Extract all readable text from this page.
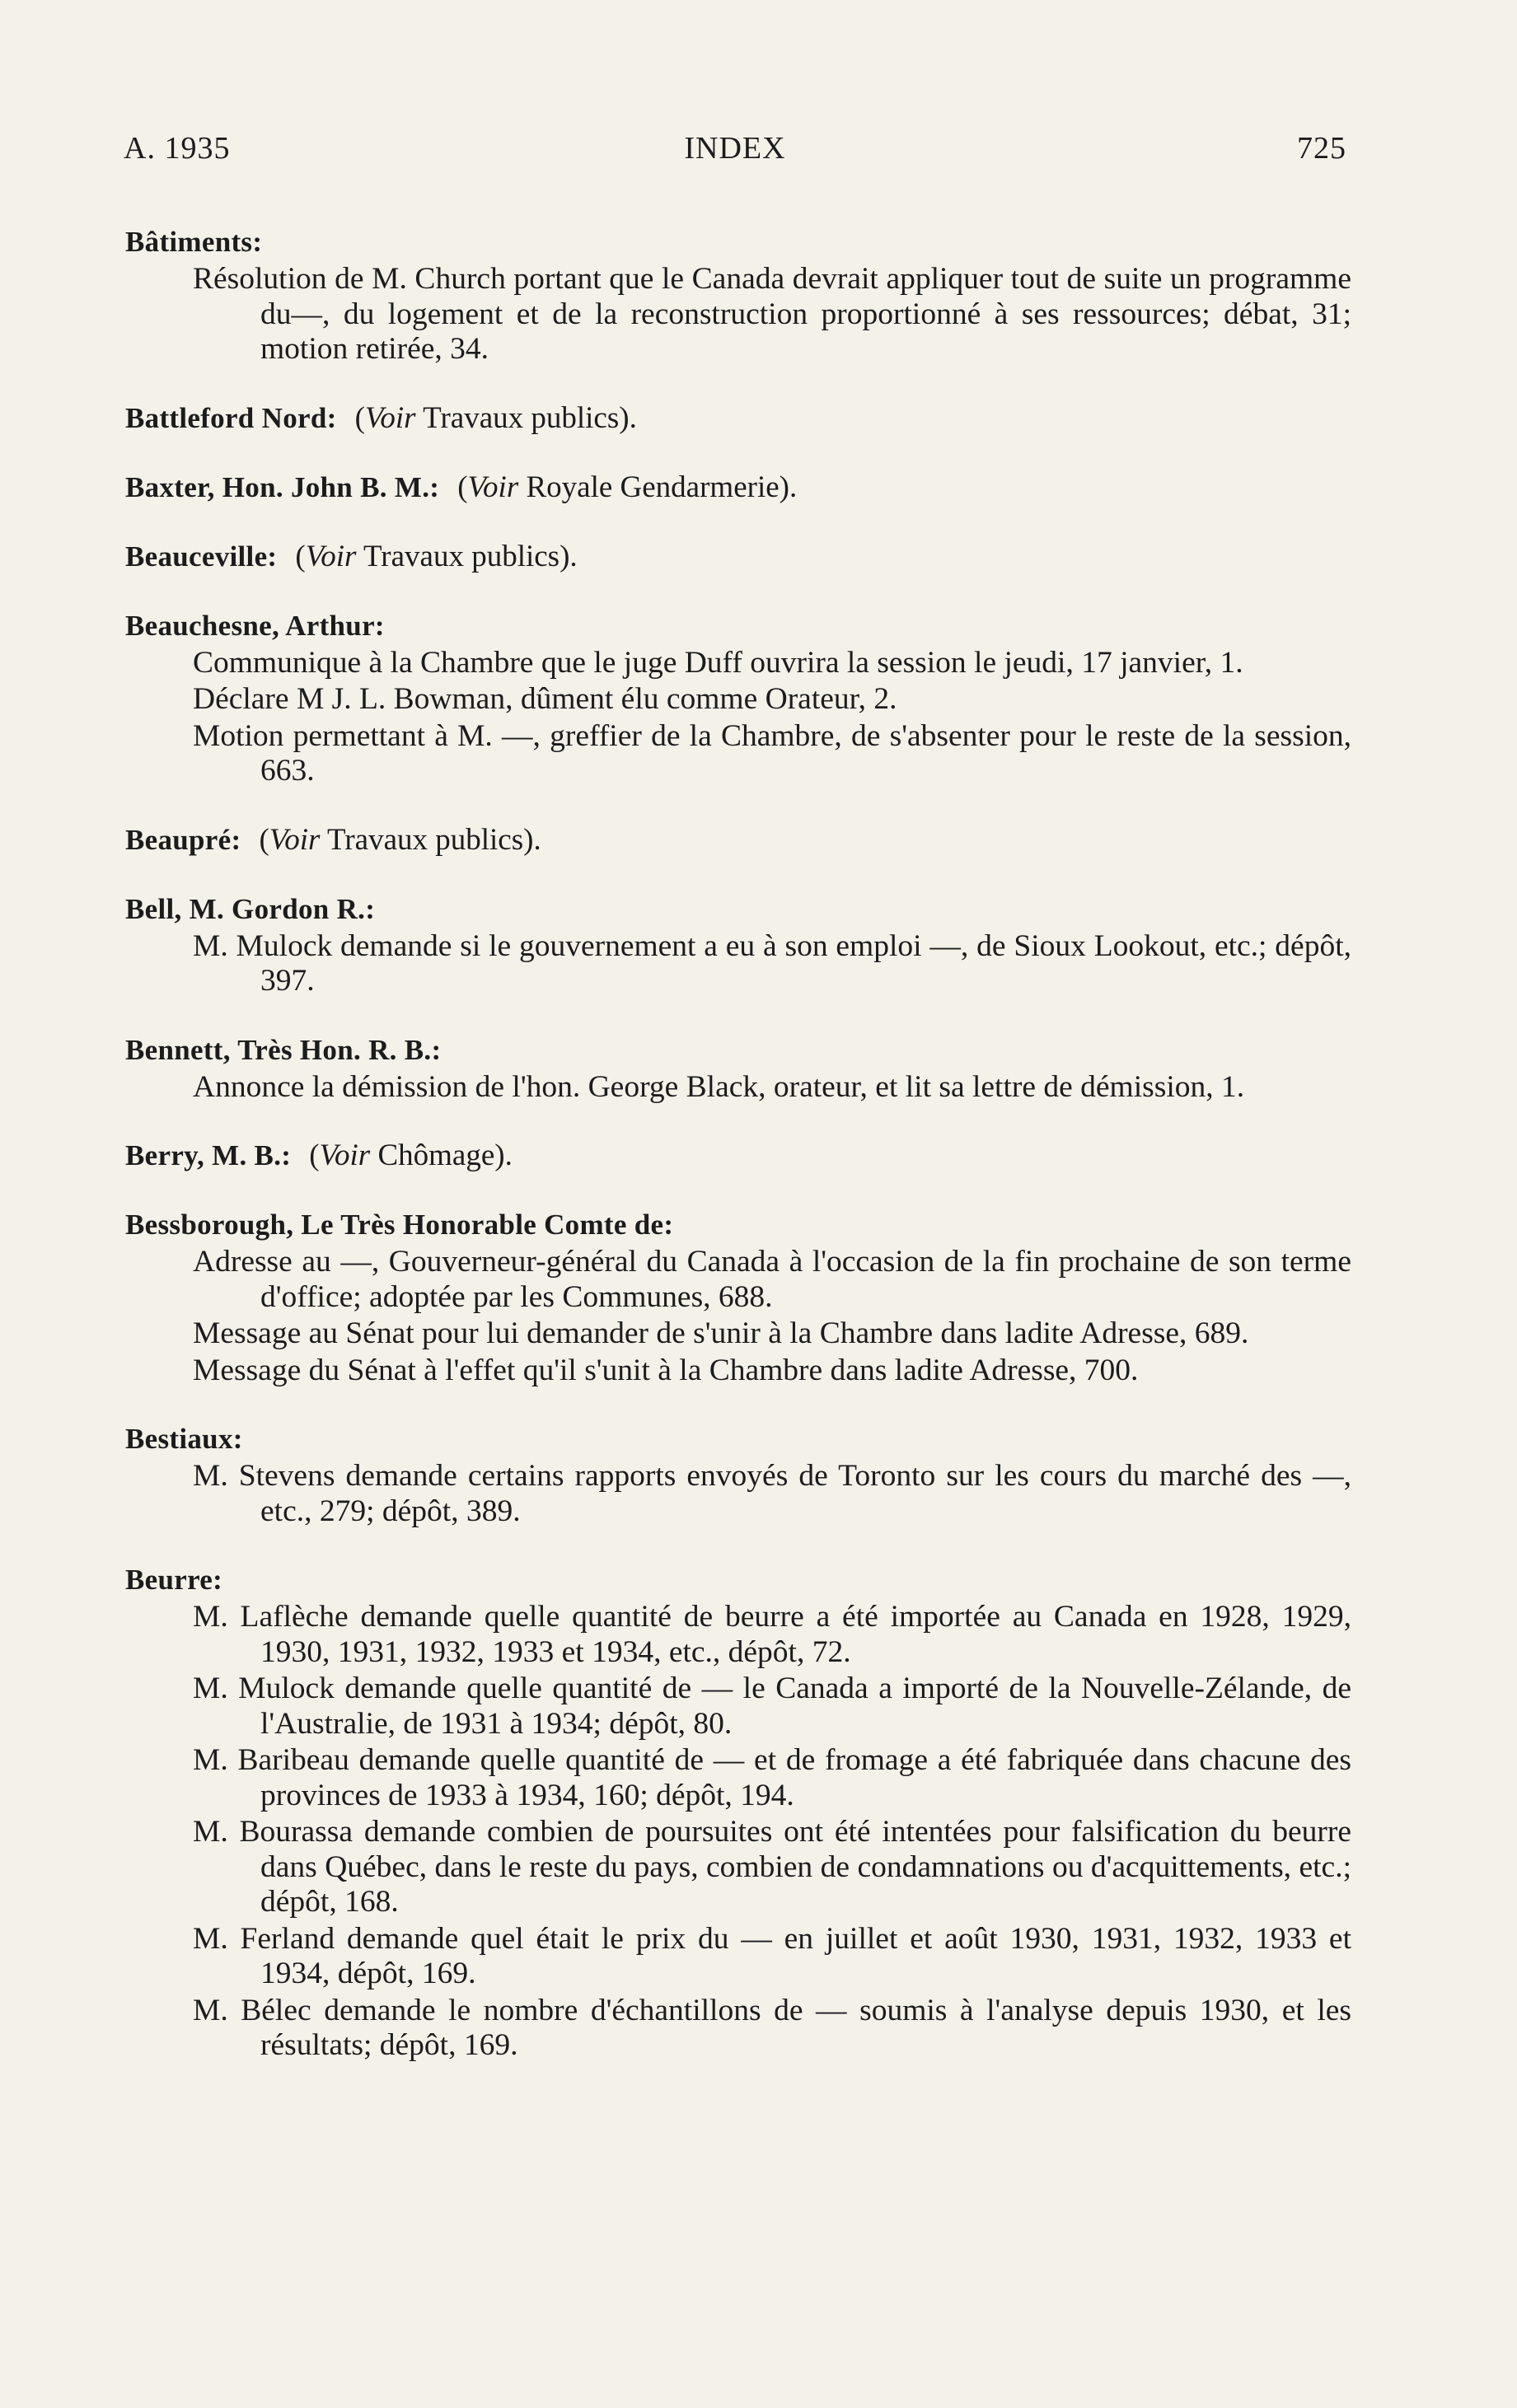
A. 1935	INDEX	725
Bâtiments:
Résolution de M. Church portant que le Canada devrait appliquer tout de suite un programme du—, du logement et de la reconstruction proportionné à ses ressources; débat, 31; motion retirée, 34.
Battleford Nord: (Voir Travaux publics).
Baxter, Hon. John B. M.: (Voir Royale Gendarmerie).
Beauceville: (Voir Travaux publics).
Beauchesne, Arthur:
Communique à la Chambre que le juge Duff ouvrira la session le jeudi, 17 janvier, 1.
Déclare M J. L. Bowman, dûment élu comme Orateur, 2.
Motion permettant à M. —, greffier de la Chambre, de s'absenter pour le reste de la session, 663.
Beaupré: (Voir Travaux publics).
Bell, M. Gordon R.:
M. Mulock demande si le gouvernement a eu à son emploi —, de Sioux Lookout, etc.; dépôt, 397.
Bennett, Très Hon. R. B.:
Annonce la démission de l'hon. George Black, orateur, et lit sa lettre de démission, 1.
Berry, M. B.: (Voir Chômage).
Bessborough, Le Très Honorable Comte de:
Adresse au —, Gouverneur-général du Canada à l'occasion de la fin prochaine de son terme d'office; adoptée par les Communes, 688.
Message au Sénat pour lui demander de s'unir à la Chambre dans ladite Adresse, 689.
Message du Sénat à l'effet qu'il s'unit à la Chambre dans ladite Adresse, 700.
Bestiaux:
M. Stevens demande certains rapports envoyés de Toronto sur les cours du marché des —, etc., 279; dépôt, 389.
Beurre:
M. Laflèche demande quelle quantité de beurre a été importée au Canada en 1928, 1929, 1930, 1931, 1932, 1933 et 1934, etc., dépôt, 72.
M. Mulock demande quelle quantité de — le Canada a importé de la Nouvelle-Zélande, de l'Australie, de 1931 à 1934; dépôt, 80.
M. Baribeau demande quelle quantité de — et de fromage a été fabriquée dans chacune des provinces de 1933 à 1934, 160; dépôt, 194.
M. Bourassa demande combien de poursuites ont été intentées pour falsification du beurre dans Québec, dans le reste du pays, combien de condamnations ou d'acquittements, etc.; dépôt, 168.
M. Ferland demande quel était le prix du — en juillet et août 1930, 1931, 1932, 1933 et 1934, dépôt, 169.
M. Bélec demande le nombre d'échantillons de — soumis à l'analyse depuis 1930, et les résultats; dépôt, 169.
